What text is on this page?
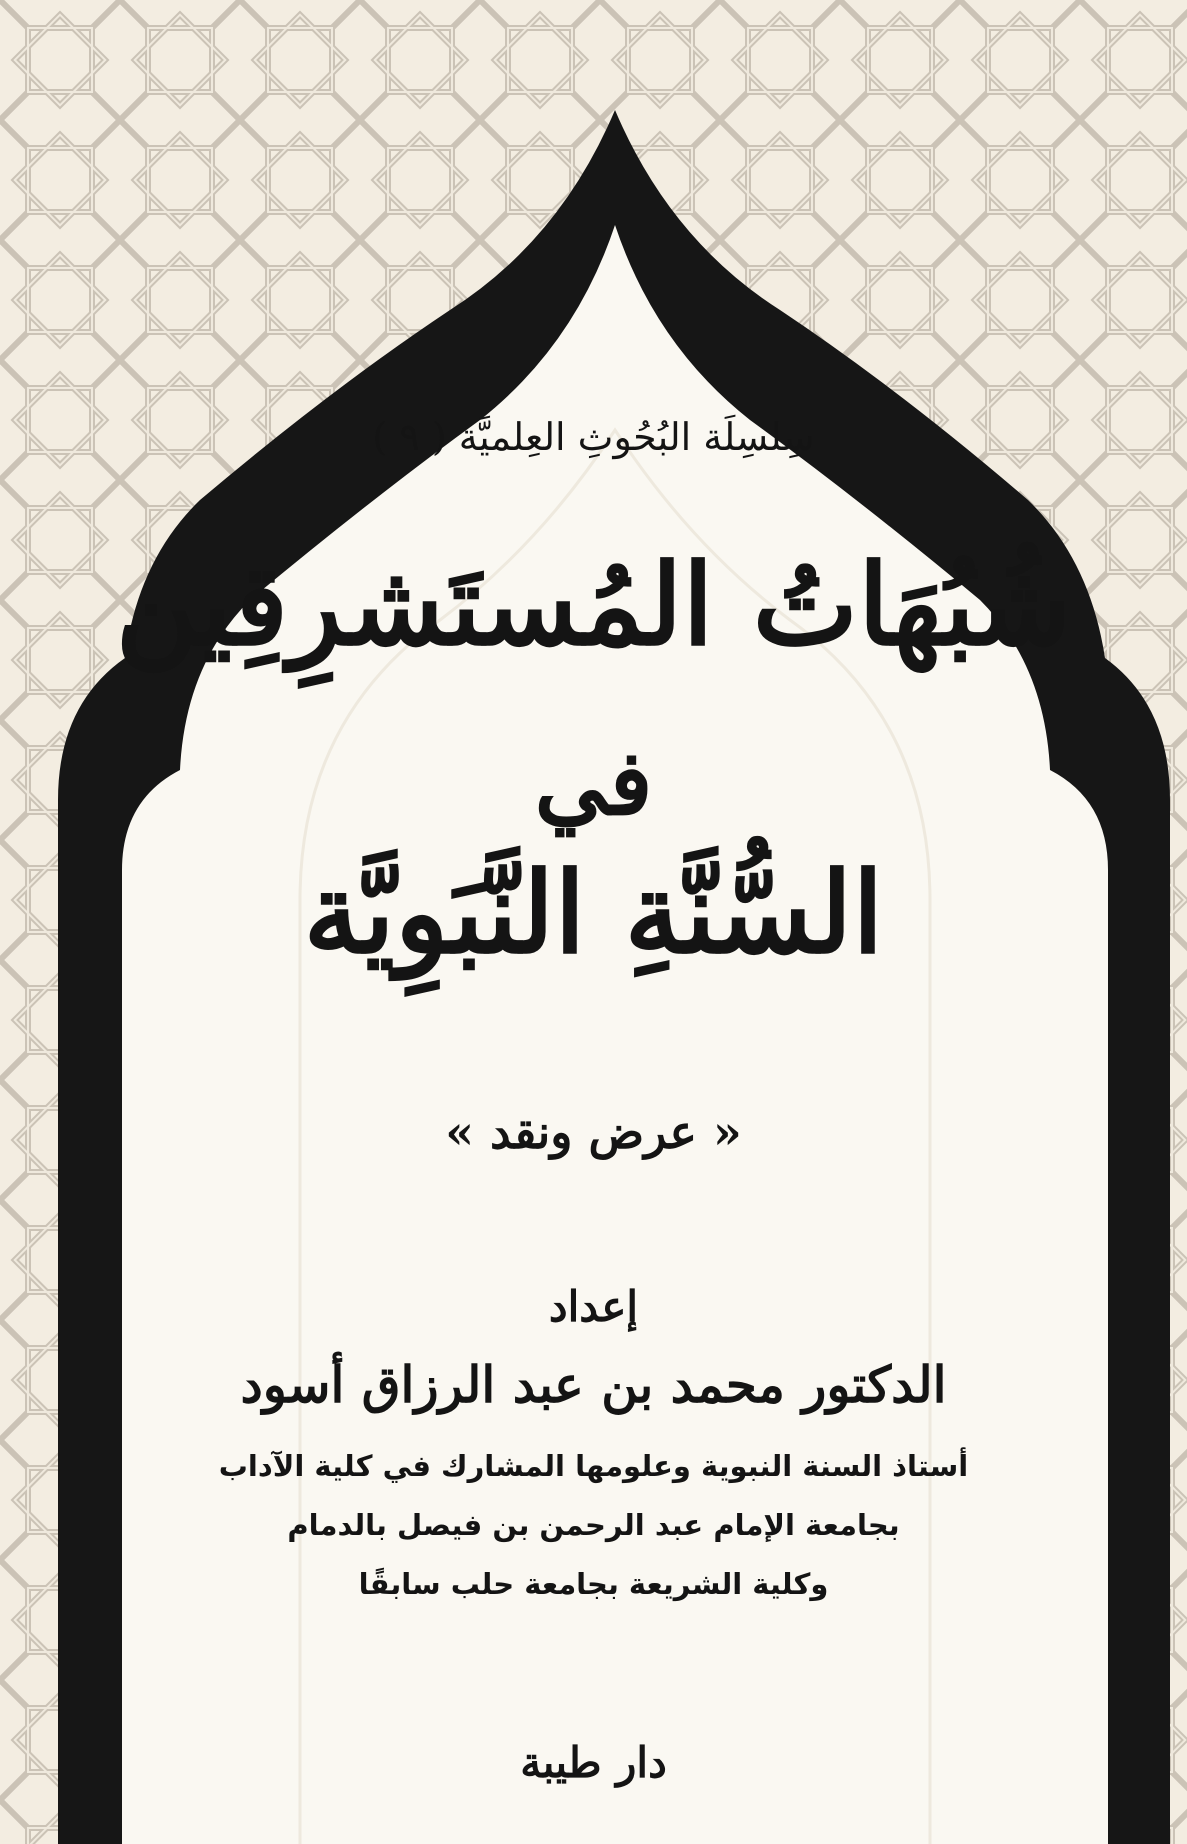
سِلسِلَة البُحُوثِ العِلميَّة ( ٩ )
شُبُهَاتُ المُستَشرِقِين
في
السُّنَّةِ النَّبَوِيَّة
« عرض ونقد »
إعداد
الدكتور محمد بن عبد الرزاق أسود
أستاذ السنة النبوية وعلومها المشارك في كلية الآداب
بجامعة الإمام عبد الرحمن بن فيصل بالدمام
وكلية الشريعة بجامعة حلب سابقًا
دار طيبة
